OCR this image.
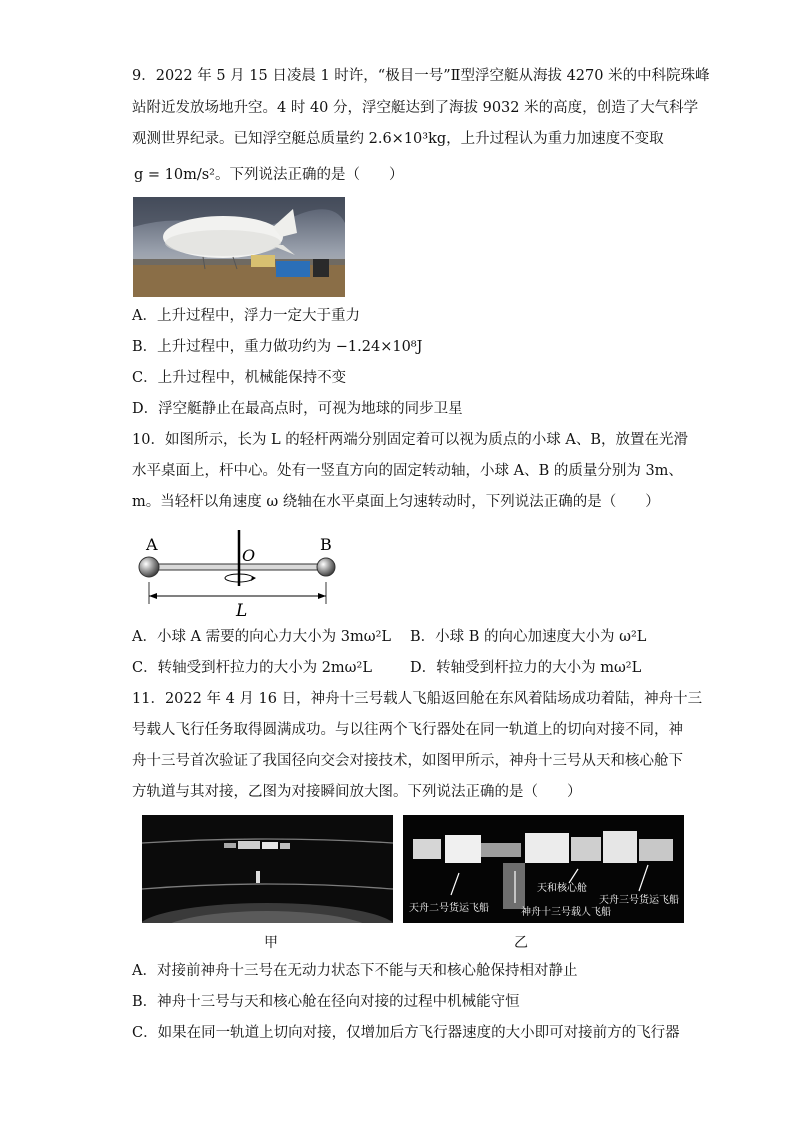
9．2022 年 5 月 15 日凌晨 1 时许，“极目一号”Ⅱ型浮空艇从海拔 4270 米的中科院珠峰
站附近发放场地升空。4 时 40 分，浮空艇达到了海拔 9032 米的高度，创造了大气科学
观测世界纪录。已知浮空艇总质量约 2.6×10³kg，上升过程认为重力加速度不变取
g = 10m/s²。下列说法正确的是（　　）
A．上升过程中，浮力一定大于重力
B．上升过程中，重力做功约为 −1.24×10⁸J
C．上升过程中，机械能保持不变
D．浮空艇静止在最高点时，可视为地球的同步卫星
10．如图所示，长为 L 的轻杆两端分别固定着可以视为质点的小球 A、B，放置在光滑
水平桌面上，杆中心。处有一竖直方向的固定转动轴，小球 A、B 的质量分别为 3m、
m。当轻杆以角速度 ω 绕轴在水平桌面上匀速转动时，下列说法正确的是（　　）
A	B
O
L
A．小球 A 需要的向心力大小为 3mω²L B．小球 B 的向心加速度大小为 ω²L
C．转轴受到杆拉力的大小为 2mω²L	D．转轴受到杆拉力的大小为 mω²L
11．2022 年 4 月 16 日，神舟十三号载人飞船返回舱在东风着陆场成功着陆，神舟十三
号载人飞行任务取得圆满成功。与以往两个飞行器处在同一轨道上的切向对接不同，神
舟十三号首次验证了我国径向交会对接技术，如图甲所示，神舟十三号从天和核心舱下
方轨道与其对接，乙图为对接瞬间放大图。下列说法正确的是（　　）
天和核心舱
天舟二号货运飞船
天舟三号货运飞船
神舟十三号载人飞船
甲	乙
A．对接前神舟十三号在无动力状态下不能与天和核心舱保持相对静止
B．神舟十三号与天和核心舱在径向对接的过程中机械能守恒
C．如果在同一轨道上切向对接，仅增加后方飞行器速度的大小即可对接前方的飞行器
